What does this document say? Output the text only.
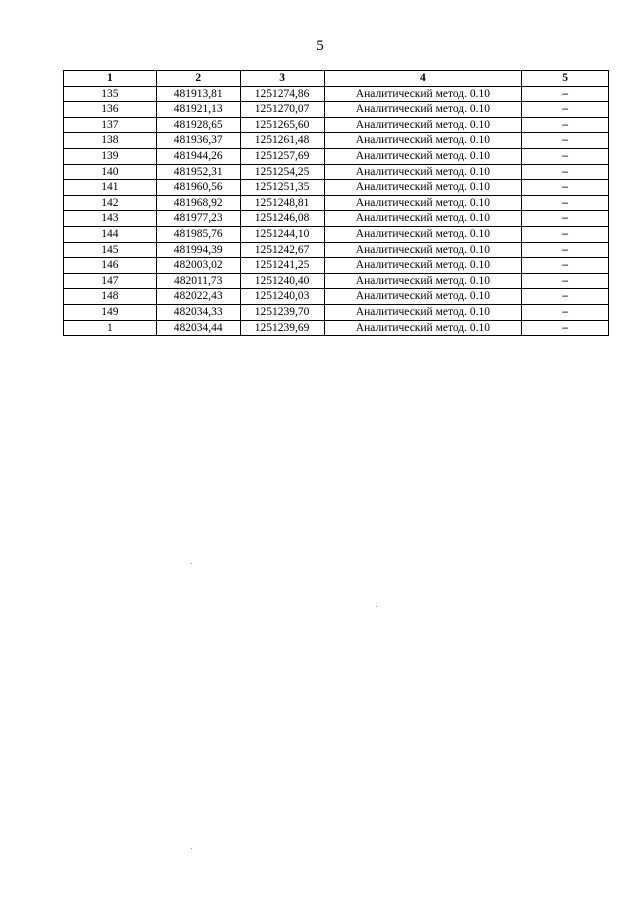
5
1	2	3	4	5
135	481913,81	1251274,86	Аналитический метод. 0.10	–
136	481921,13	1251270,07	Аналитический метод. 0.10	–
137	481928,65	1251265,60	Аналитический метод. 0.10	–
138	481936,37	1251261,48	Аналитический метод. 0.10	–
139	481944,26	1251257,69	Аналитический метод. 0.10	–
140	481952,31	1251254,25	Аналитический метод. 0.10	–
141	481960,56	1251251,35	Аналитический метод. 0.10	–
142	481968,92	1251248,81	Аналитический метод. 0.10	–
143	481977,23	1251246,08	Аналитический метод. 0.10	–
144	481985,76	1251244,10	Аналитический метод. 0.10	–
145	481994,39	1251242,67	Аналитический метод. 0.10	–
146	482003,02	1251241,25	Аналитический метод. 0.10	–
147	482011,73	1251240,40	Аналитический метод. 0.10	–
148	482022,43	1251240,03	Аналитический метод. 0.10	–
149	482034,33	1251239,70	Аналитический метод. 0.10	–
1	482034,44	1251239,69	Аналитический метод. 0.10	–
